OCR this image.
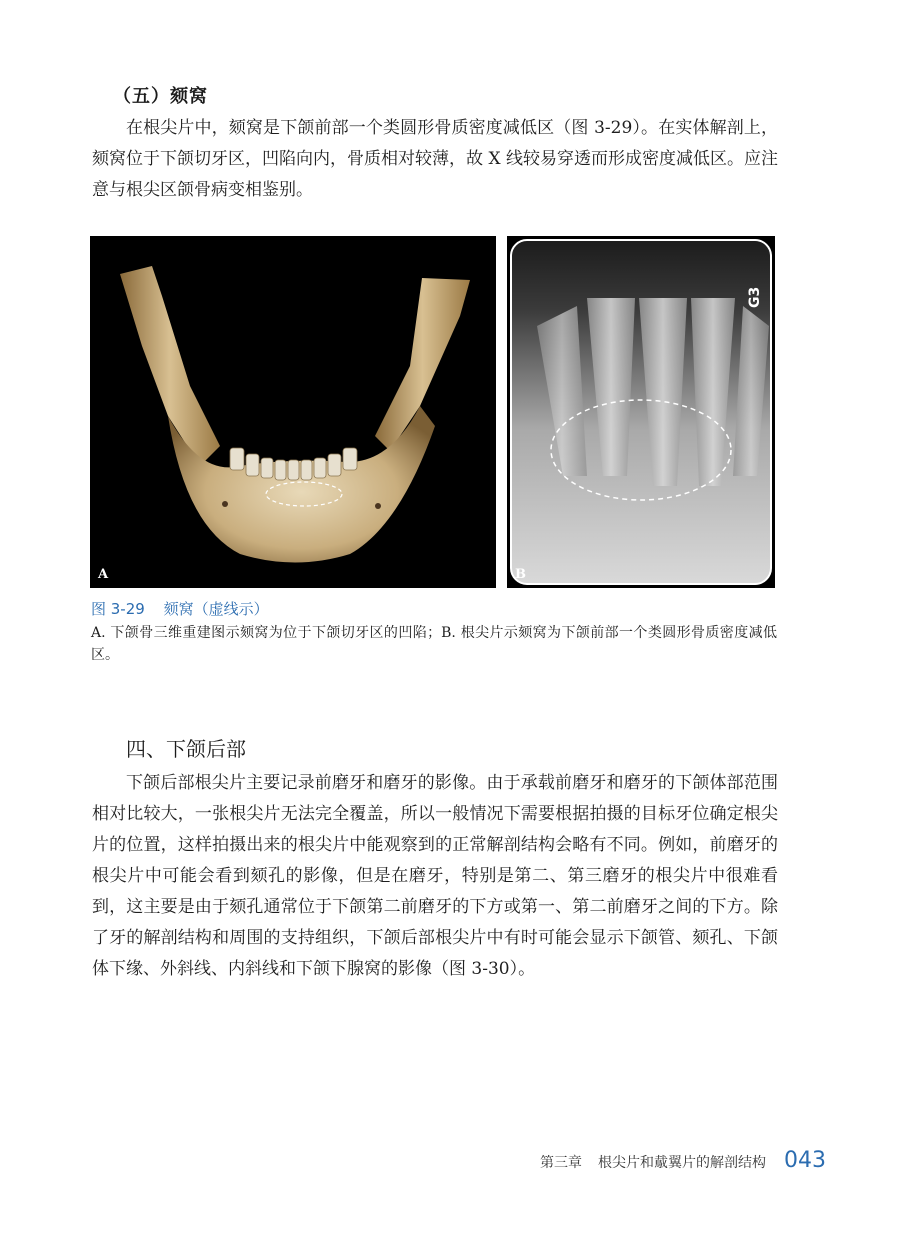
（五）颏窝
在根尖片中，颏窝是下颌前部一个类圆形骨质密度减低区（图 3-29）。在实体解剖上，颏窝位于下颌切牙区，凹陷向内，骨质相对较薄，故 X 线较易穿透而形成密度减低区。应注意与根尖区颌骨病变相鉴别。
A
G3
B
图 3-29 颏窝（虚线示）
A. 下颌骨三维重建图示颏窝为位于下颌切牙区的凹陷；B. 根尖片示颏窝为下颌前部一个类圆形骨质密度减低区。
四、下颌后部
下颌后部根尖片主要记录前磨牙和磨牙的影像。由于承载前磨牙和磨牙的下颌体部范围相对比较大，一张根尖片无法完全覆盖，所以一般情况下需要根据拍摄的目标牙位确定根尖片的位置，这样拍摄出来的根尖片中能观察到的正常解剖结构会略有不同。例如，前磨牙的根尖片中可能会看到颏孔的影像，但是在磨牙，特别是第二、第三磨牙的根尖片中很难看到，这主要是由于颏孔通常位于下颌第二前磨牙的下方或第一、第二前磨牙之间的下方。除了牙的解剖结构和周围的支持组织，下颌后部根尖片中有时可能会显示下颌管、颏孔、下颌体下缘、外斜线、内斜线和下颌下腺窝的影像（图 3-30）。
第三章 根尖片和䳒翼片的解剖结构 043
